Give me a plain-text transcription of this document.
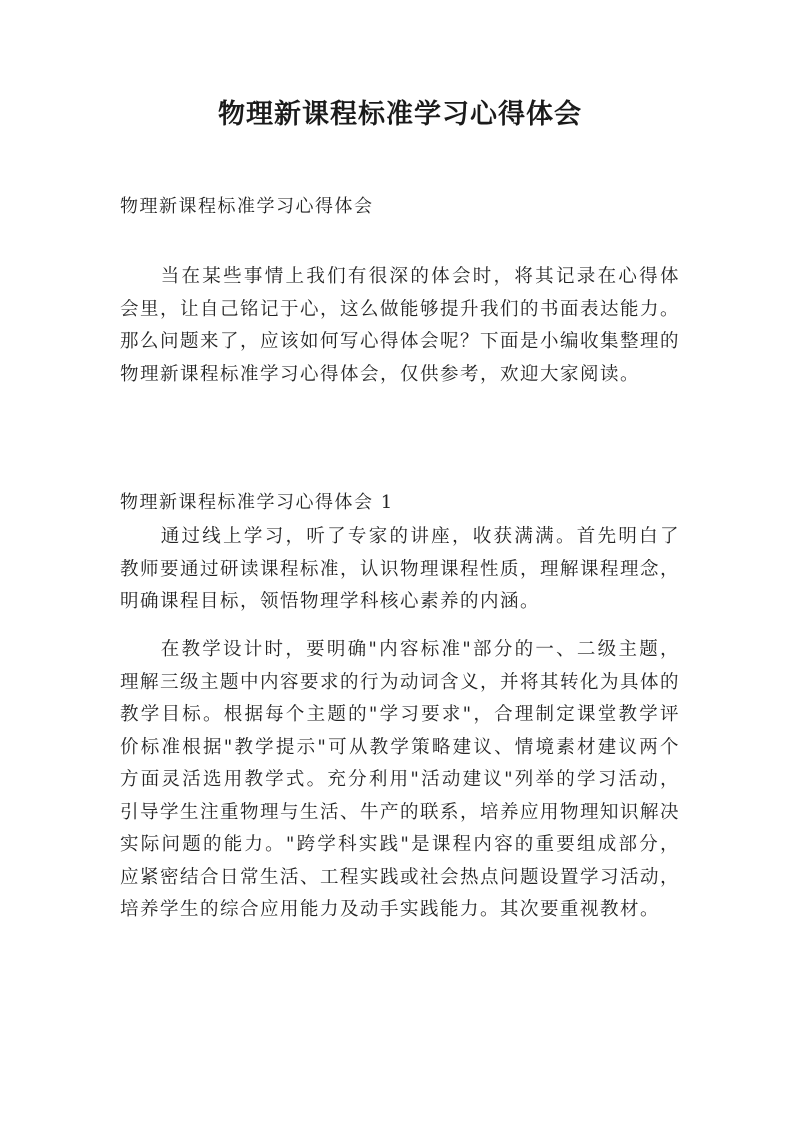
物理新课程标准学习心得体会

物理新课程标准学习心得体会

当在某些事情上我们有很深的体会时，将其记录在心得体会里，让自己铭记于心，这么做能够提升我们的书面表达能力。那么问题来了，应该如何写心得体会呢？下面是小编收集整理的物理新课程标准学习心得体会，仅供参考，欢迎大家阅读。

物理新课程标准学习心得体会 1

通过线上学习，听了专家的讲座，收获满满。首先明白了教师要通过研读课程标准，认识物理课程性质，理解课程理念，明确课程目标，领悟物理学科核心素养的内涵。

在教学设计时，要明确"内容标准"部分的一、二级主题，理解三级主题中内容要求的行为动词含义，并将其转化为具体的教学目标。根据每个主题的"学习要求"，合理制定课堂教学评价标准根据"教学提示"可从教学策略建议、情境素材建议两个方面灵活选用教学式。充分利用"活动建议"列举的学习活动，引导学生注重物理与生活、牛产的联系，培养应用物理知识解决实际问题的能力。"跨学科实践"是课程内容的重要组成部分，应紧密结合日常生活、工程实践或社会热点问题设置学习活动，培养学生的综合应用能力及动手实践能力。其次要重视教材。
